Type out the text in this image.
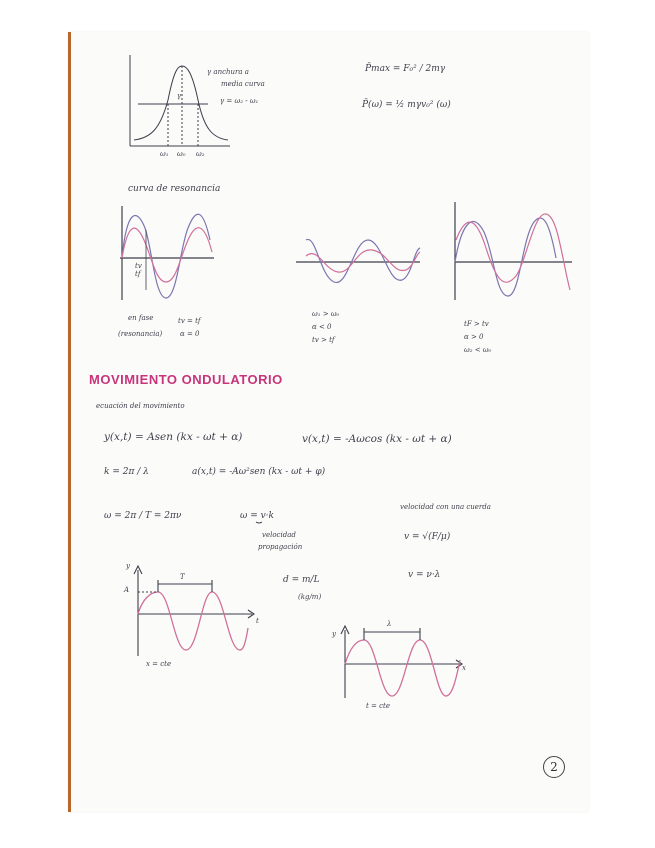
γ anchura a
media curva
γ = ω₂ - ω₁
γ
ω₁ ω₀ ω₂
P̄max = F₀² / 2mγ
P̄(ω) = ½ mγv₀² (ω)
curva de resonancia
tv
tf
en fase
(resonancia)
tv = tf
α = 0
ω₁ > ω₀
α < 0
tv > tf
tF > tv
α > 0
ω₂ < ω₀
MOVIMIENTO ONDULATORIO
ecuación del movimiento
y(x,t) = Asen (kx - ωt + α)	v(x,t) = -Aωcos (kx - ωt + α)
k = 2π / λ	a(x,t) = -Aω²sen (kx - ωt + φ)
ω = 2π / T = 2πν	ω = v·k
velocidad
propagación
velocidad con una cuerda
v = √(F/μ)
v = ν·λ
d = m/L
(kg/m)
y
t
A
T
x = cte
y
x
λ
t = cte
2
